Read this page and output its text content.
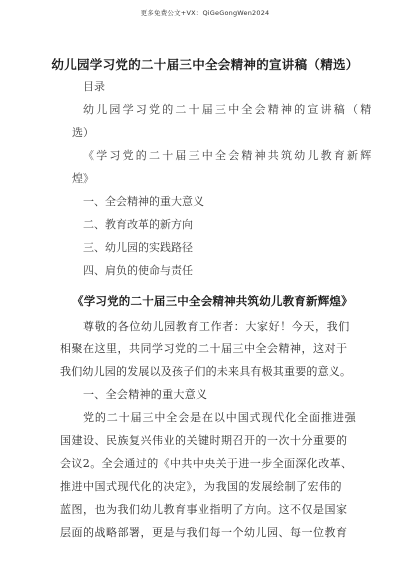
更多免费公文+VX：QiGeGongWen2024
幼儿园学习党的二十届三中全会精神的宣讲稿（精选）
目录
幼儿园学习党的二十届三中全会精神的宣讲稿（精
选）
《学习党的二十届三中全会精神共筑幼儿教育新辉
煌》
一、全会精神的重大意义
二、教育改革的新方向
三、幼儿园的实践路径
四、肩负的使命与责任
《学习党的二十届三中全会精神共筑幼儿教育新辉煌》
尊敬的各位幼儿园教育工作者：大家好！今天，我们
相聚在这里，共同学习党的二十届三中全会精神，这对于
我们幼儿园的发展以及孩子们的未来具有极其重要的意义。
一、全会精神的重大意义
党的二十届三中全会是在以中国式现代化全面推进强
国建设、民族复兴伟业的关键时期召开的一次十分重要的
会议2。全会通过的《中共中央关于进一步全面深化改革、
推进中国式现代化的决定》，为我国的发展绘制了宏伟的
蓝图，也为我们幼儿教育事业指明了方向。这不仅是国家
层面的战略部署，更是与我们每一个幼儿园、每一位教育
